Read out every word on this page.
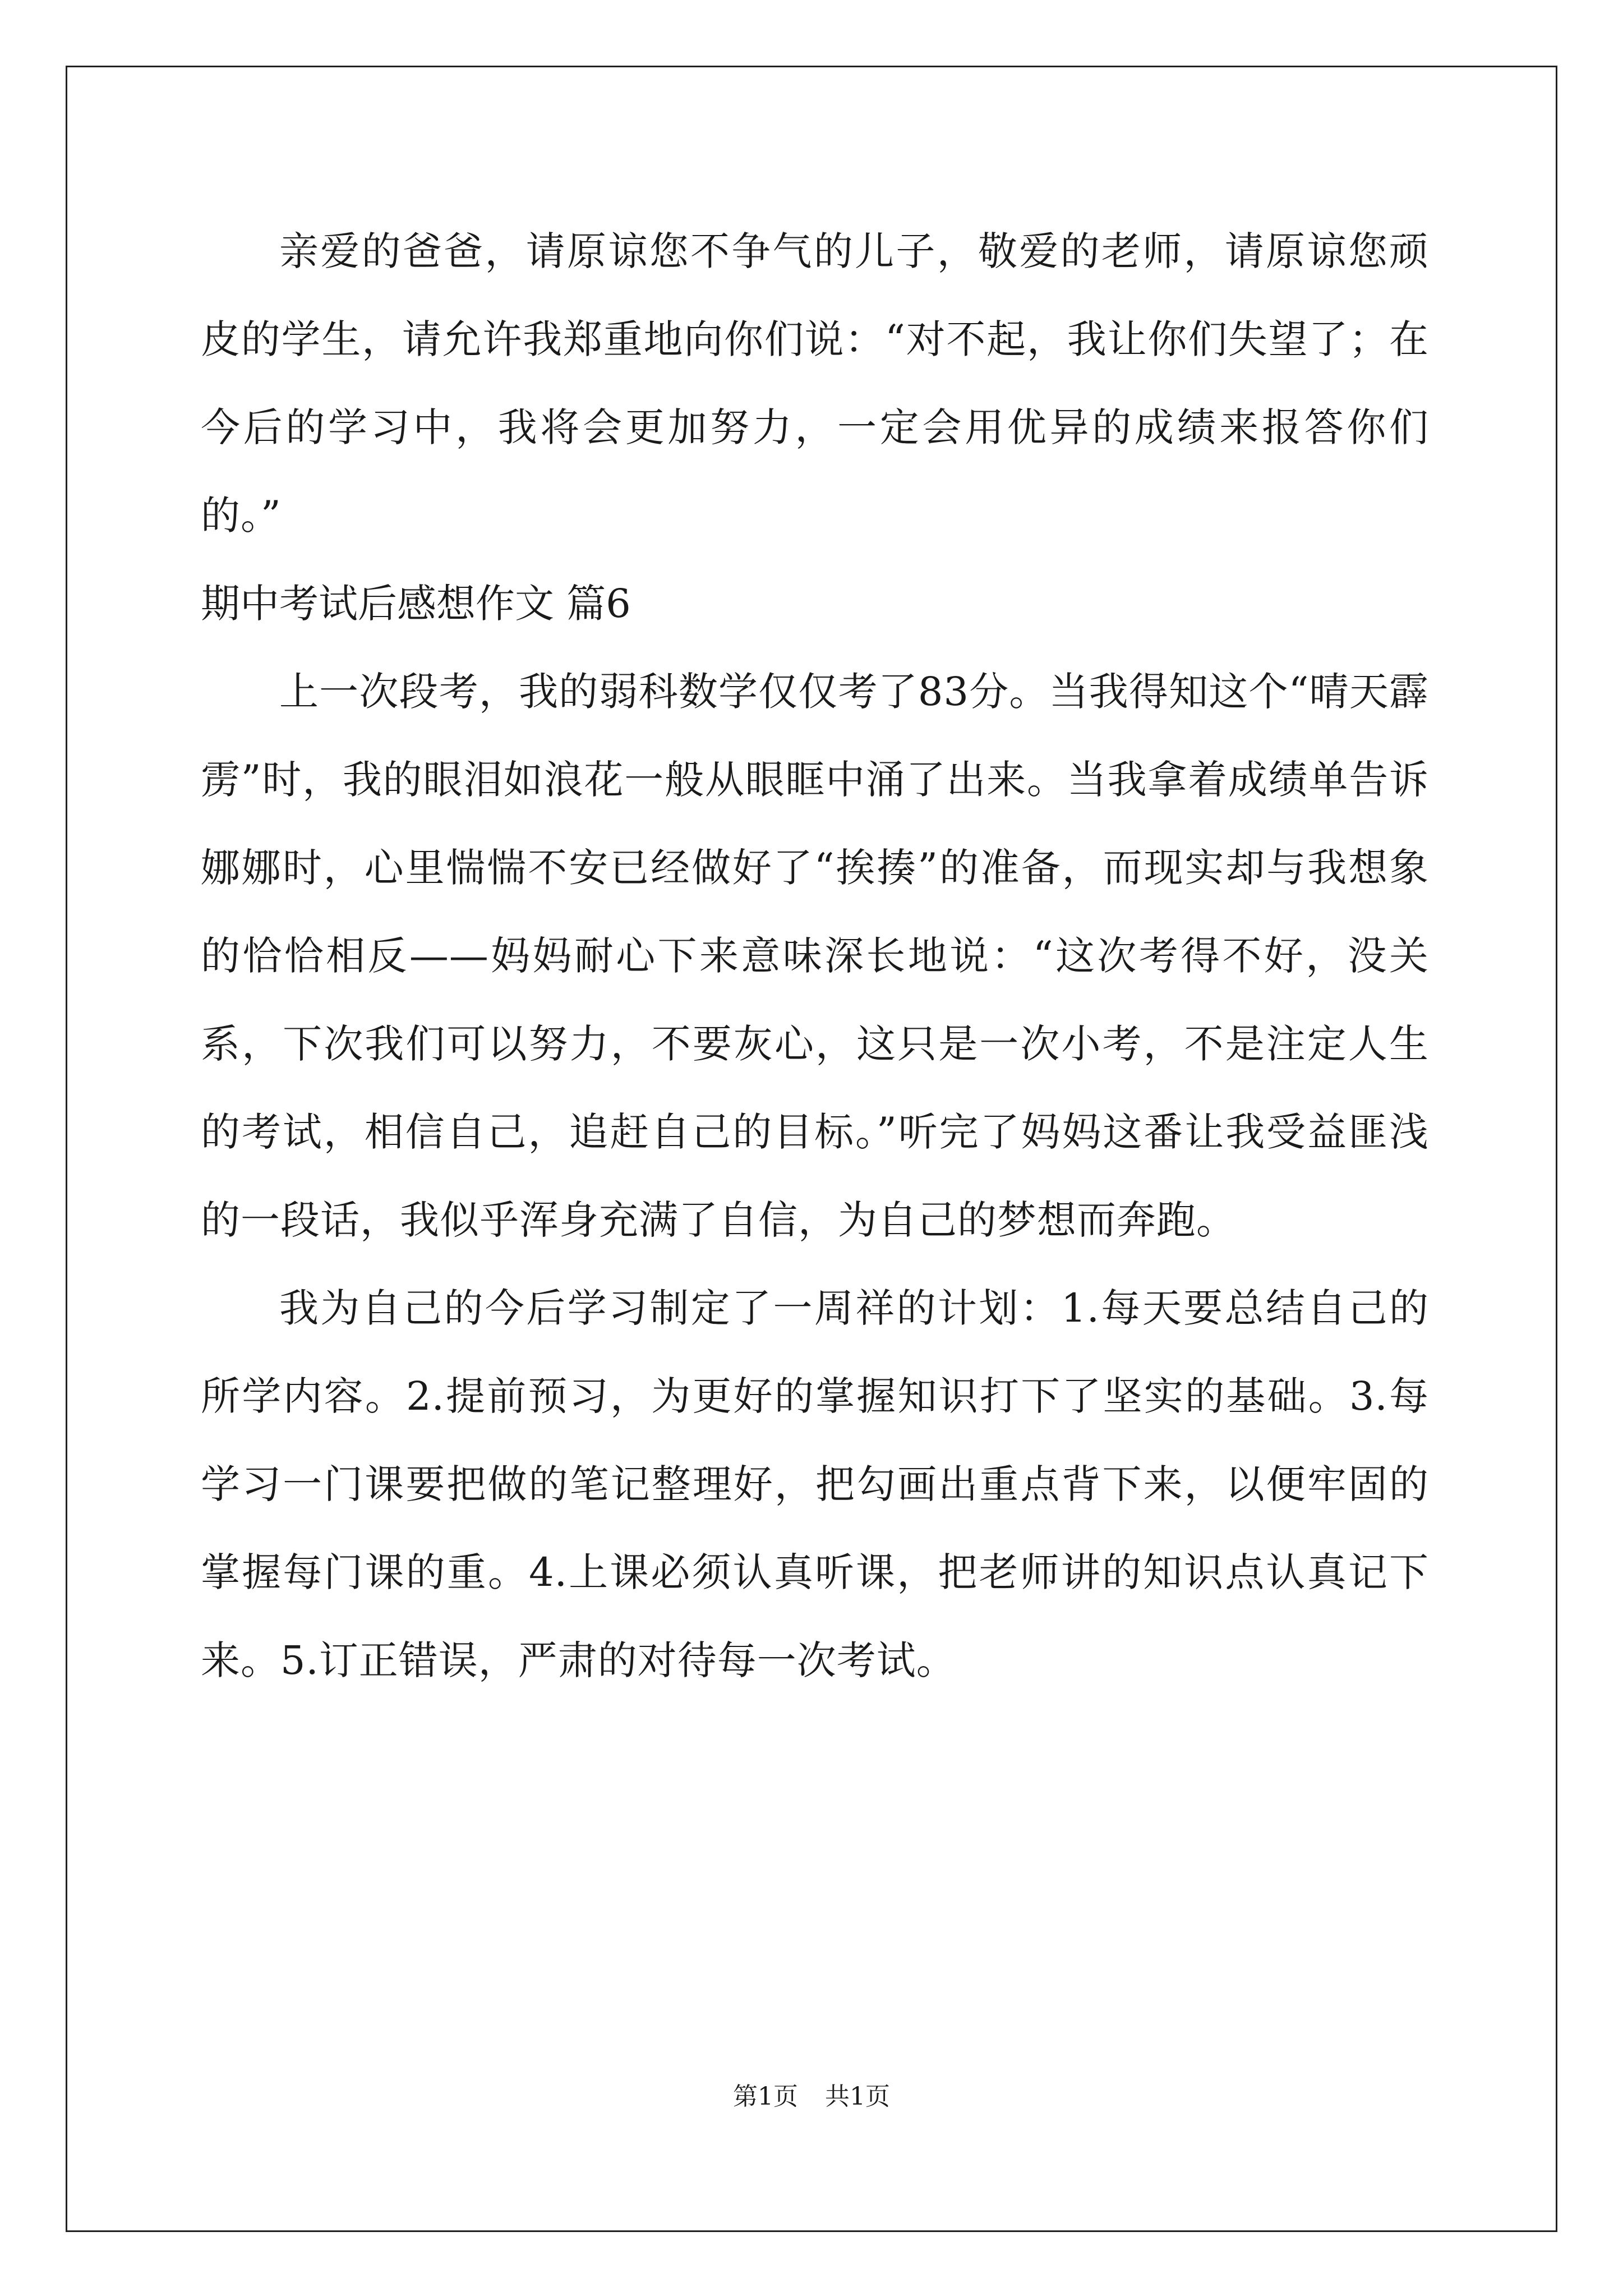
亲爱的爸爸，请原谅您不争气的儿子，敬爱的老师，请原谅您顽皮的学生，请允许我郑重地向你们说：“对不起，我让你们失望了；在今后的学习中，我将会更加努力，一定会用优异的成绩来报答你们的。”

期中考试后感想作文 篇6

上一次段考，我的弱科数学仅仅考了83分。当我得知这个“晴天霹雳”时，我的眼泪如浪花一般从眼眶中涌了出来。当我拿着成绩单告诉娜娜时，心里惴惴不安已经做好了“挨揍”的准备，而现实却与我想象的恰恰相反——妈妈耐心下来意味深长地说：“这次考得不好，没关系，下次我们可以努力，不要灰心，这只是一次小考，不是注定人生的考试，相信自己，追赶自己的目标。”听完了妈妈这番让我受益匪浅的一段话，我似乎浑身充满了自信，为自己的梦想而奔跑。

我为自己的今后学习制定了一周祥的计划：1.每天要总结自己的所学内容。2.提前预习，为更好的掌握知识打下了坚实的基础。3.每学习一门课要把做的笔记整理好，把勾画出重点背下来，以便牢固的掌握每门课的重。4.上课必须认真听课，把老师讲的知识点认真记下来。5.订正错误，严肃的对待每一次考试。

第1页 共1页
